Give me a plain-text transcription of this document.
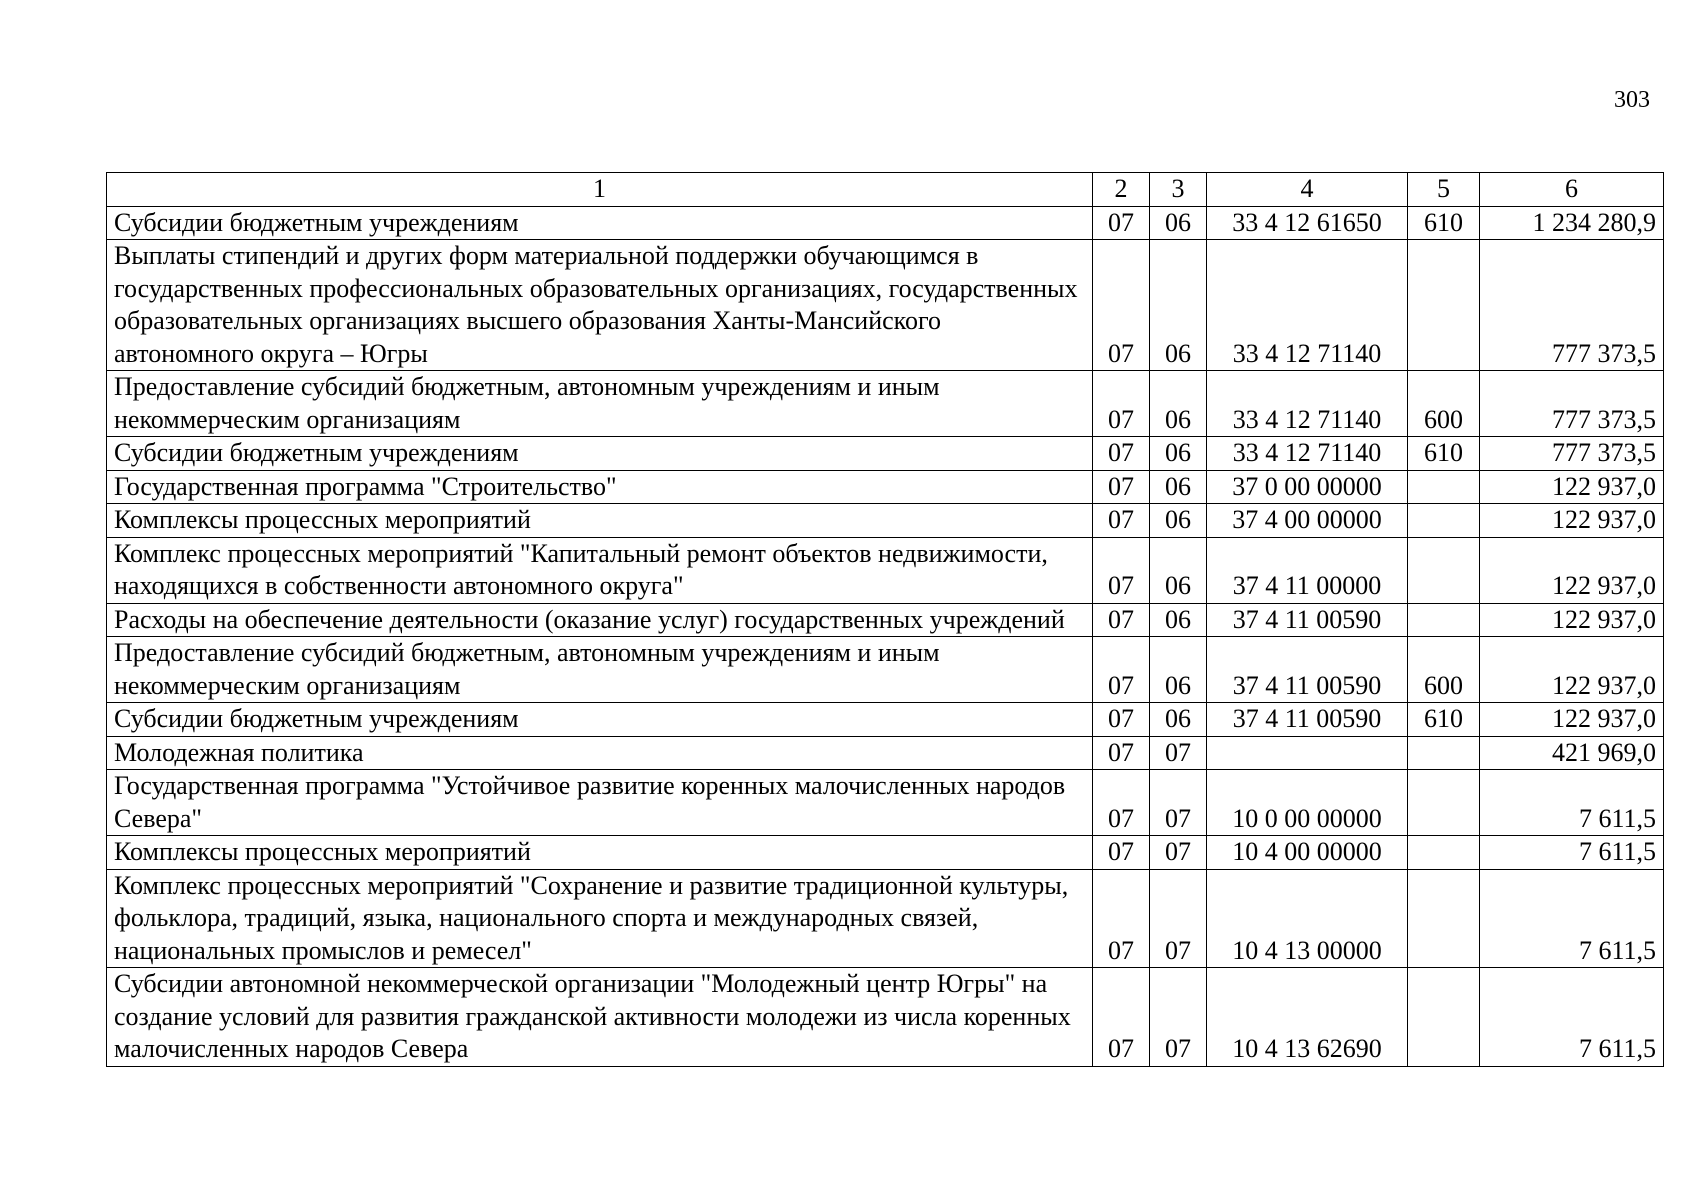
303
1	2	3	4	5	6
Субсидии бюджетным учреждениям	07	06	33 4 12 61650	610	1 234 280,9
Выплаты стипендий и других форм материальной поддержки обучающимся в государственных профессиональных образовательных организациях, государственных образовательных организациях высшего образования Ханты-Мансийского автономного округа – Югры	07	06	33 4 12 71140		777 373,5
Предоставление субсидий бюджетным, автономным учреждениям и иным некоммерческим организациям	07	06	33 4 12 71140	600	777 373,5
Субсидии бюджетным учреждениям	07	06	33 4 12 71140	610	777 373,5
Государственная программа "Строительство"	07	06	37 0 00 00000		122 937,0
Комплексы процессных мероприятий	07	06	37 4 00 00000		122 937,0
Комплекс процессных мероприятий "Капитальный ремонт объектов недвижимости, находящихся в собственности автономного округа"	07	06	37 4 11 00000		122 937,0
Расходы на обеспечение деятельности (оказание услуг) государственных учреждений	07	06	37 4 11 00590		122 937,0
Предоставление субсидий бюджетным, автономным учреждениям и иным некоммерческим организациям	07	06	37 4 11 00590	600	122 937,0
Субсидии бюджетным учреждениям	07	06	37 4 11 00590	610	122 937,0
Молодежная политика	07	07			421 969,0
Государственная программа "Устойчивое развитие коренных малочисленных народов Севера"	07	07	10 0 00 00000		7 611,5
Комплексы процессных мероприятий	07	07	10 4 00 00000		7 611,5
Комплекс процессных мероприятий "Сохранение и развитие традиционной культуры, фольклора, традиций, языка, национального спорта и международных связей, национальных промыслов и ремесел"	07	07	10 4 13 00000		7 611,5
Субсидии автономной некоммерческой организации "Молодежный центр Югры" на создание условий для развития гражданской активности молодежи из числа коренных малочисленных народов Севера	07	07	10 4 13 62690		7 611,5
